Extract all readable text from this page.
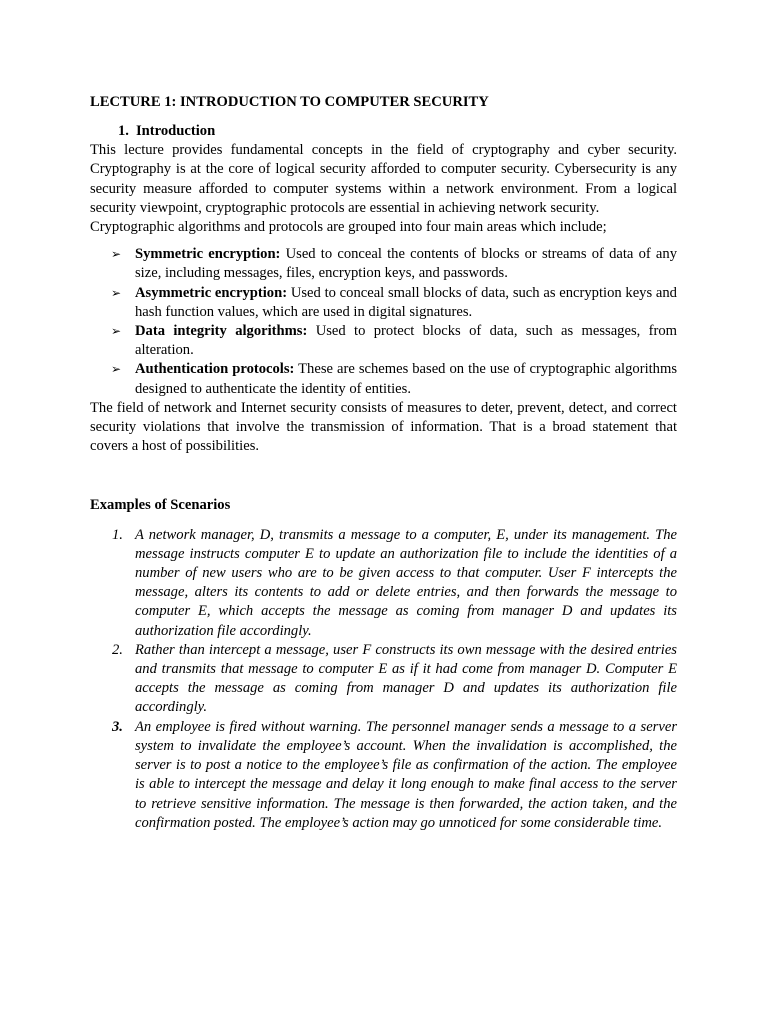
LECTURE 1: INTRODUCTION TO COMPUTER SECURITY
1. Introduction

This lecture provides fundamental concepts in the field of cryptography and cyber security. Cryptography is at the core of logical security afforded to computer security. Cybersecurity is any security measure afforded to computer systems within a network environment. From a logical security viewpoint, cryptographic protocols are essential in achieving network security.

Cryptographic algorithms and protocols are grouped into four main areas which include;

➢ Symmetric encryption: Used to conceal the contents of blocks or streams of data of any size, including messages, files, encryption keys, and passwords.
➢ Asymmetric encryption: Used to conceal small blocks of data, such as encryption keys and hash function values, which are used in digital signatures.
➢ Data integrity algorithms: Used to protect blocks of data, such as messages, from alteration.
➢ Authentication protocols: These are schemes based on the use of cryptographic algorithms designed to authenticate the identity of entities.

The field of network and Internet security consists of measures to deter, prevent, detect, and correct security violations that involve the transmission of information. That is a broad statement that covers a host of possibilities.

Examples of Scenarios
1. A network manager, D, transmits a message to a computer, E, under its management. The message instructs computer E to update an authorization file to include the identities of a number of new users who are to be given access to that computer. User F intercepts the message, alters its contents to add or delete entries, and then forwards the message to computer E, which accepts the message as coming from manager D and updates its authorization file accordingly.
2. Rather than intercept a message, user F constructs its own message with the desired entries and transmits that message to computer E as if it had come from manager D. Computer E accepts the message as coming from manager D and updates its authorization file accordingly.
3. An employee is fired without warning. The personnel manager sends a message to a server system to invalidate the employee’s account. When the invalidation is accomplished, the server is to post a notice to the employee’s file as confirmation of the action. The employee is able to intercept the message and delay it long enough to make final access to the server to retrieve sensitive information. The message is then forwarded, the action taken, and the confirmation posted. The employee’s action may go unnoticed for some considerable time.
